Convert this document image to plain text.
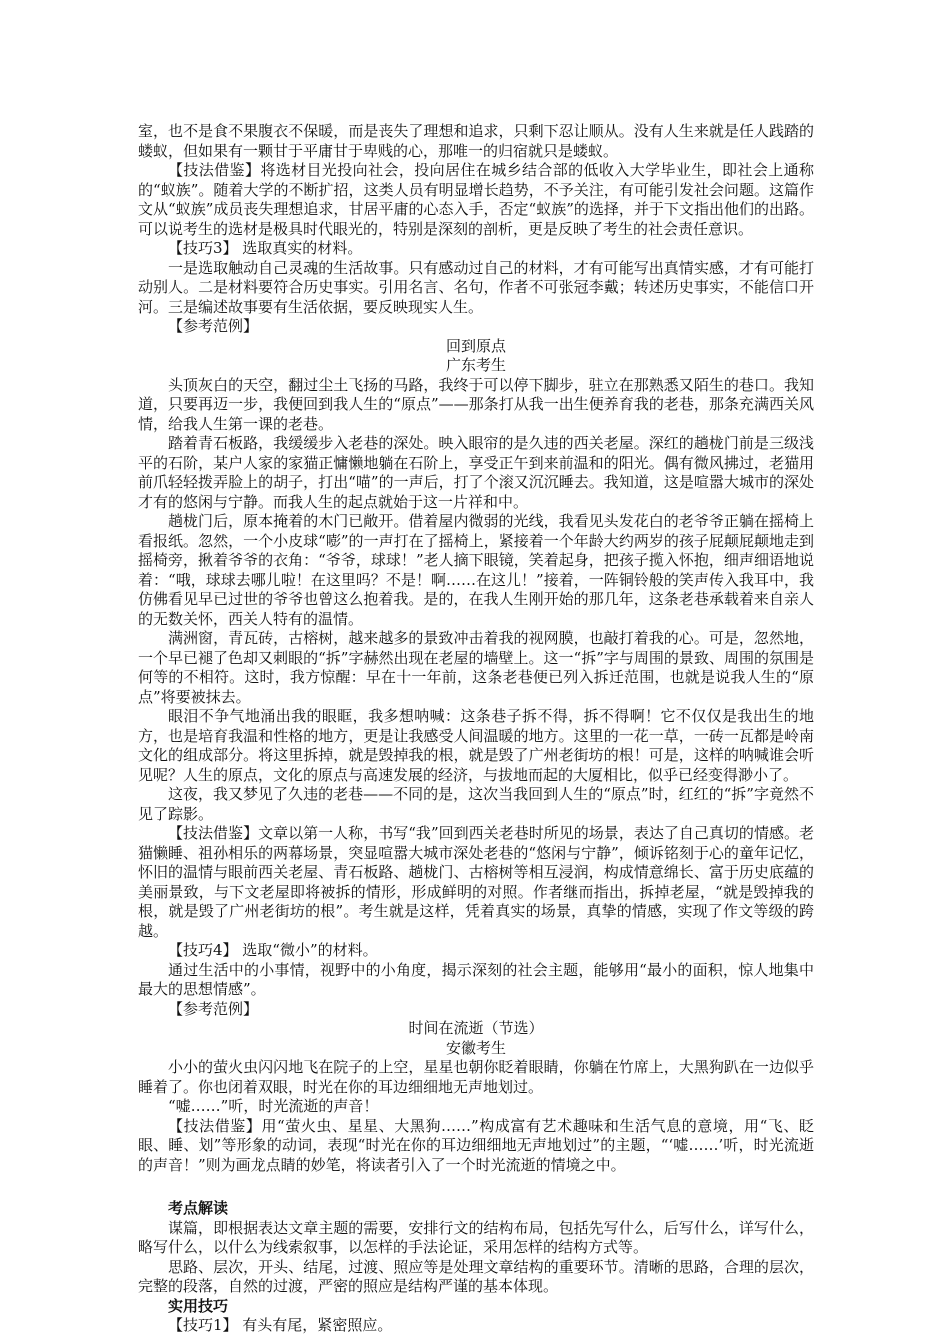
室，也不是食不果腹衣不保暖，而是丧失了理想和追求，只剩下忍让顺从。没有人生来就是任人践踏的蝼蚁，但如果有一颗甘于平庸甘于卑贱的心，那唯一的归宿就只是蝼蚁。
【技法借鉴】将选材目光投向社会，投向居住在城乡结合部的低收入大学毕业生，即社会上通称的“蚁族”。随着大学的不断扩招，这类人员有明显增长趋势，不予关注，有可能引发社会问题。这篇作文从“蚁族”成员丧失理想追求，甘居平庸的心态入手，否定“蚁族”的选择，并于下文指出他们的出路。可以说考生的选材是极具时代眼光的，特别是深刻的剖析，更是反映了考生的社会责任意识。
【技巧3】 选取真实的材料。
一是选取触动自己灵魂的生活故事。只有感动过自己的材料，才有可能写出真情实感，才有可能打动别人。二是材料要符合历史事实。引用名言、名句，作者不可张冠李戴；转述历史事实，不能信口开河。三是编述故事要有生活依据，要反映现实人生。
【参考范例】
回到原点
广东考生
头顶灰白的天空，翻过尘土飞扬的马路，我终于可以停下脚步，驻立在那熟悉又陌生的巷口。我知道，只要再迈一步，我便回到我人生的“原点”——那条打从我一出生便养育我的老巷，那条充满西关风情，给我人生第一课的老巷。
踏着青石板路，我缓缓步入老巷的深处。映入眼帘的是久违的西关老屋。深红的趟栊门前是三级浅平的石阶，某户人家的家猫正慵懒地躺在石阶上，享受正午到来前温和的阳光。偶有微风拂过，老猫用前爪轻轻拨弄脸上的胡子，打出“喵”的一声后，打了个滚又沉沉睡去。我知道，这是喧嚣大城市的深处才有的悠闲与宁静。而我人生的起点就始于这一片祥和中。
趟栊门后，原本掩着的木门已敞开。借着屋内微弱的光线，我看见头发花白的老爷爷正躺在摇椅上看报纸。忽然，一个小皮球“嘭”的一声打在了摇椅上，紧接着一个年龄大约两岁的孩子屁颠屁颠地走到摇椅旁，揪着爷爷的衣角：“爷爷，球球！”老人摘下眼镜，笑着起身，把孩子揽入怀抱，细声细语地说着：“哦，球球去哪儿啦！在这里吗？不是！啊……在这儿！”接着，一阵铜铃般的笑声传入我耳中，我仿佛看见早已过世的爷爷也曾这么抱着我。是的，在我人生刚开始的那几年，这条老巷承载着来自亲人的无数关怀，西关人特有的温情。
满洲窗，青瓦砖，古榕树，越来越多的景致冲击着我的视网膜，也敲打着我的心。可是，忽然地，一个早已褪了色却又刺眼的“拆”字赫然出现在老屋的墙壁上。这一“拆”字与周围的景致、周围的氛围是何等的不相符。这时，我方惊醒：早在十一年前，这条老巷便已列入拆迁范围，也就是说我人生的“原点”将要被抹去。
眼泪不争气地涌出我的眼眶，我多想呐喊：这条巷子拆不得，拆不得啊！它不仅仅是我出生的地方，也是培育我温和性格的地方，更是让我感受人间温暖的地方。这里的一花一草，一砖一瓦都是岭南文化的组成部分。将这里拆掉，就是毁掉我的根，就是毁了广州老街坊的根！可是，这样的呐喊谁会听见呢？人生的原点，文化的原点与高速发展的经济，与拔地而起的大厦相比，似乎已经变得渺小了。
这夜，我又梦见了久违的老巷——不同的是，这次当我回到人生的“原点”时，红红的“拆”字竟然不见了踪影。
【技法借鉴】文章以第一人称，书写“我”回到西关老巷时所见的场景，表达了自己真切的情感。老猫懒睡、祖孙相乐的两幕场景，突显喧嚣大城市深处老巷的“悠闲与宁静”，倾诉铭刻于心的童年记忆，怀旧的温情与眼前西关老屋、青石板路、趟栊门、古榕树等相互浸润，构成情意绵长、富于历史底蕴的美丽景致，与下文老屋即将被拆的情形，形成鲜明的对照。作者继而指出，拆掉老屋，“就是毁掉我的根，就是毁了广州老街坊的根”。考生就是这样，凭着真实的场景，真挚的情感，实现了作文等级的跨越。
【技巧4】 选取“微小”的材料。
通过生活中的小事情，视野中的小角度，揭示深刻的社会主题，能够用“最小的面积，惊人地集中最大的思想情感”。
【参考范例】
时间在流逝（节选）
安徽考生
小小的萤火虫闪闪地飞在院子的上空，星星也朝你眨着眼睛，你躺在竹席上，大黑狗趴在一边似乎睡着了。你也闭着双眼，时光在你的耳边细细地无声地划过。
“嘘……”听，时光流逝的声音！
【技法借鉴】用“萤火虫、星星、大黑狗……”构成富有艺术趣味和生活气息的意境，用“飞、眨眼、睡、划”等形象的动词，表现“时光在你的耳边细细地无声地划过”的主题，“‘嘘……’听，时光流逝的声音！”则为画龙点睛的妙笔，将读者引入了一个时光流逝的情境之中。
考点解读
谋篇，即根据表达文章主题的需要，安排行文的结构布局，包括先写什么，后写什么，详写什么，略写什么，以什么为线索叙事，以怎样的手法论证，采用怎样的结构方式等。
思路、层次，开头、结尾，过渡、照应等是处理文章结构的重要环节。清晰的思路，合理的层次，完整的段落，自然的过渡，严密的照应是结构严谨的基本体现。
实用技巧
【技巧1】 有头有尾，紧密照应。
